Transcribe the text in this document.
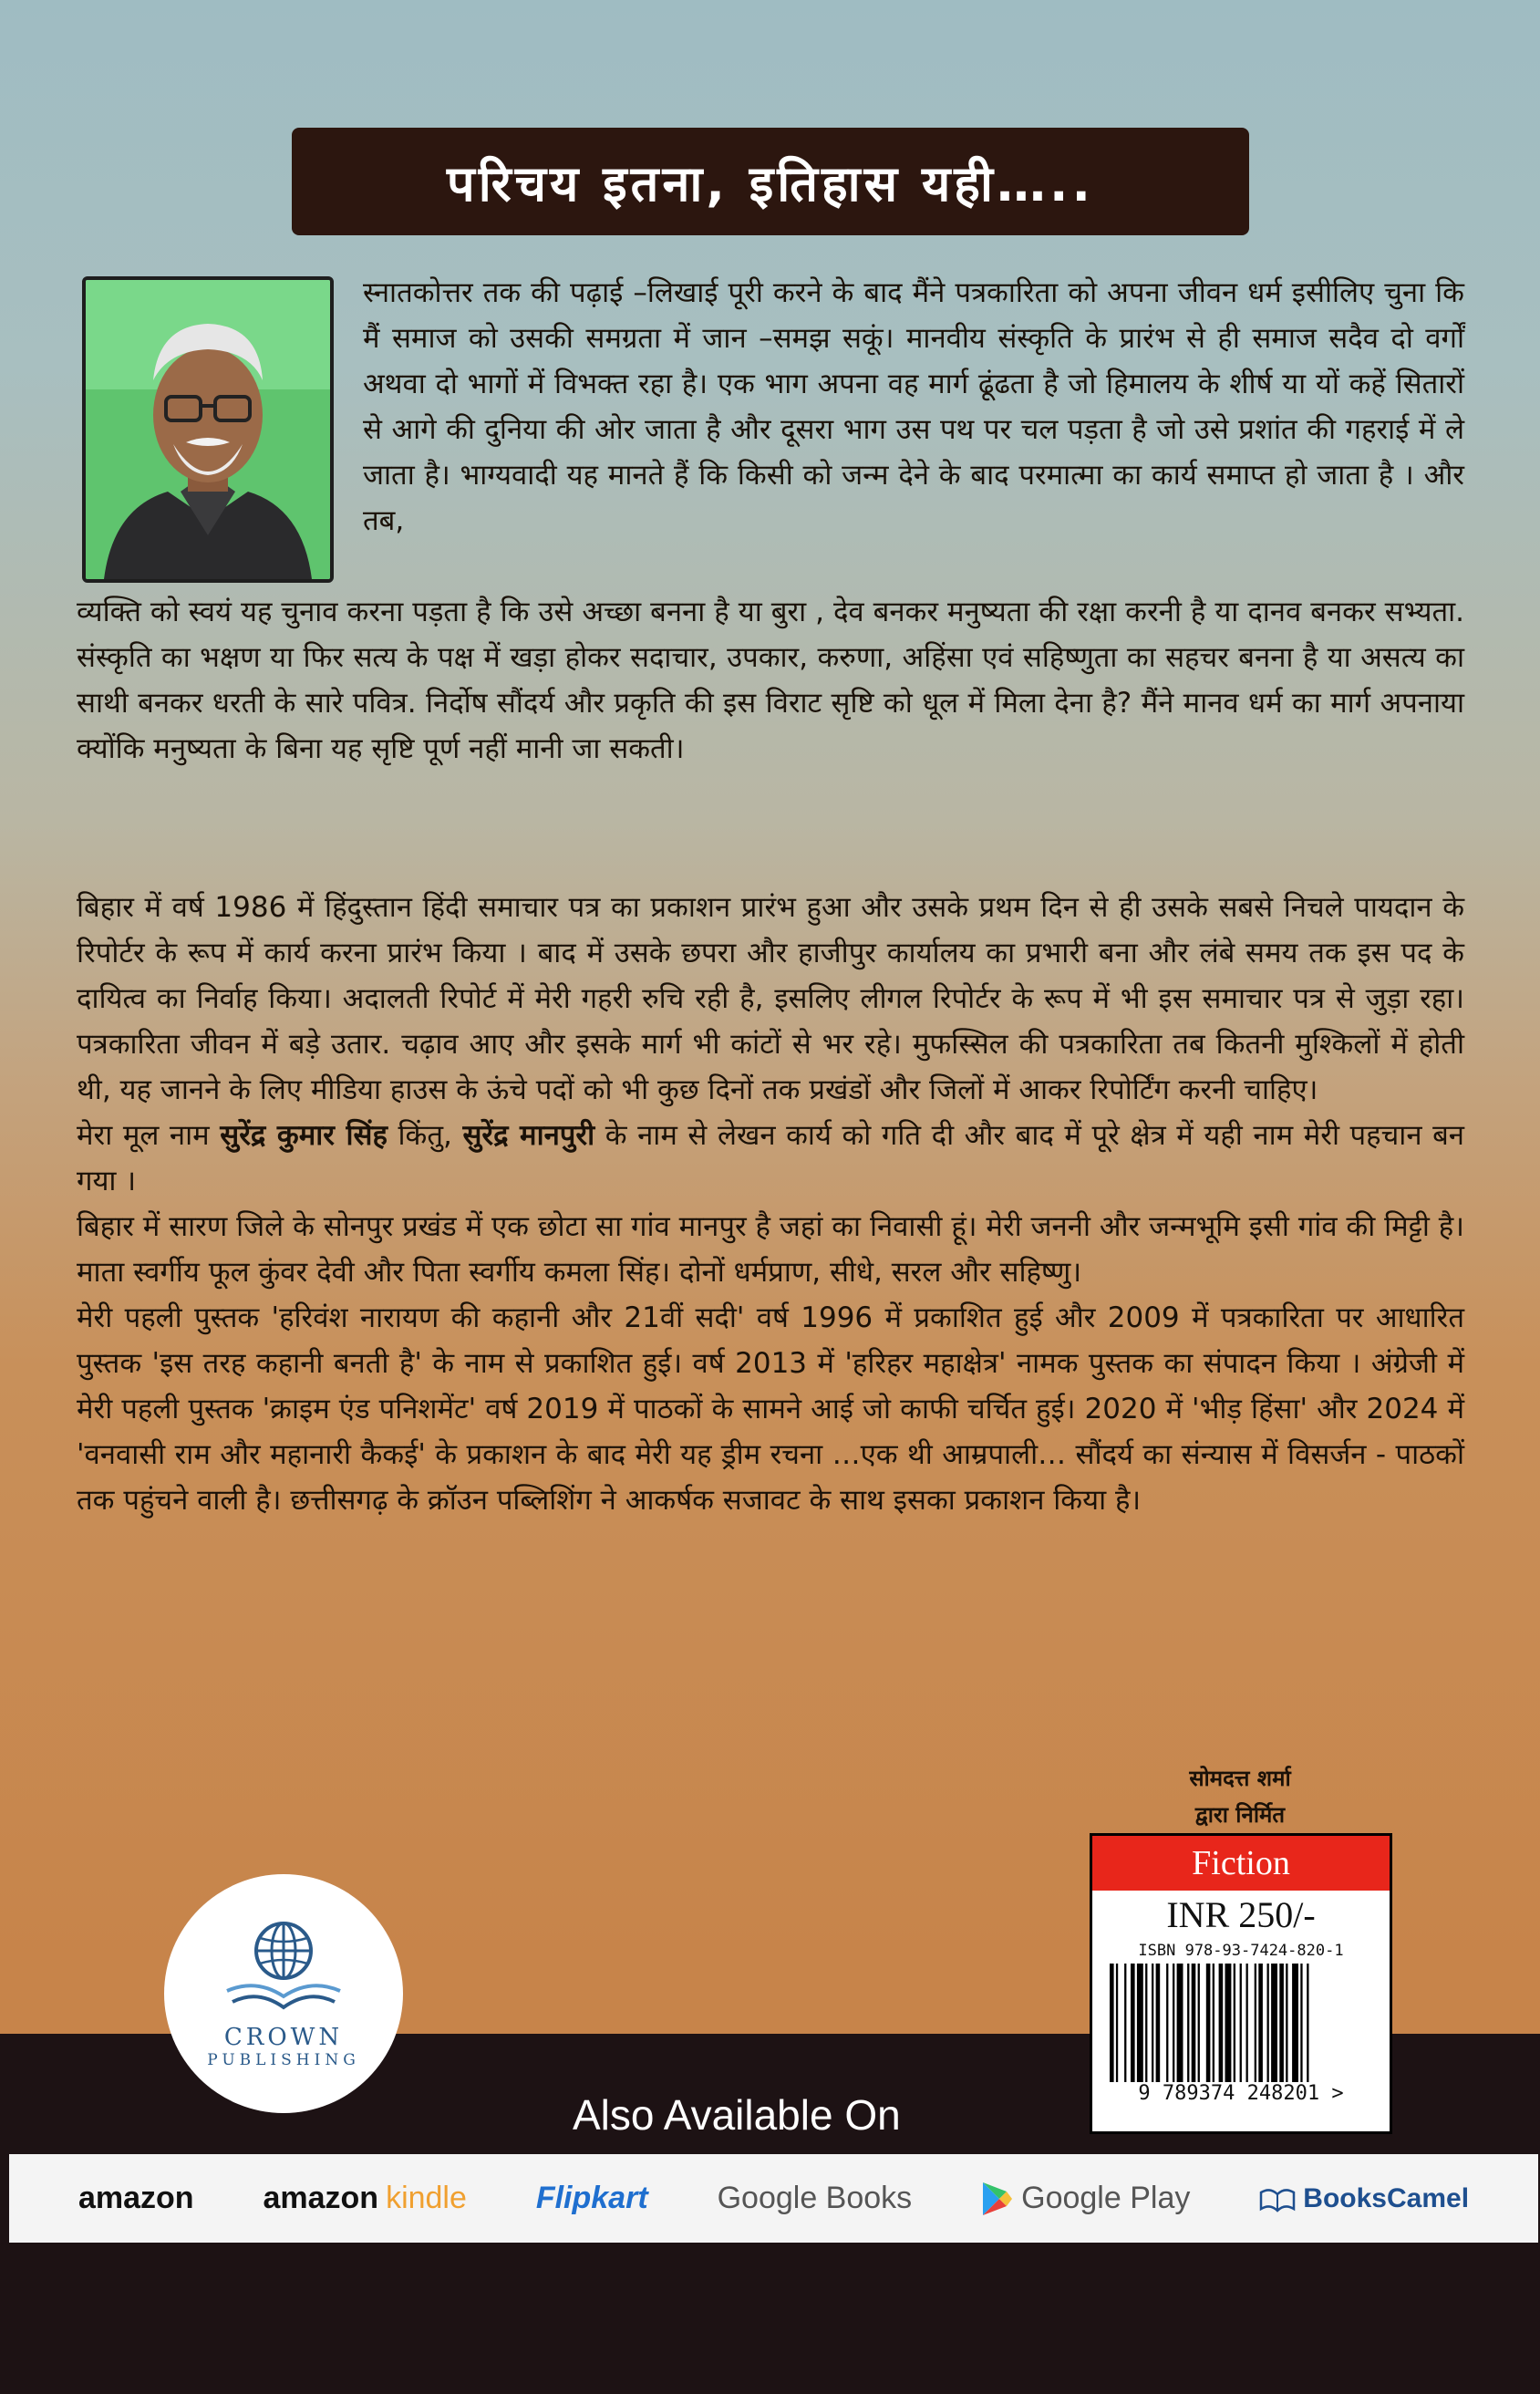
परिचय इतना, इतिहास यही…..

स्नातकोत्तर तक की पढ़ाई –लिखाई पूरी करने के बाद मैंने पत्रकारिता को अपना जीवन धर्म इसीलिए चुना कि मैं समाज को उसकी समग्रता में जान –समझ सकूं। मानवीय संस्कृति के प्रारंभ से ही समाज सदैव दो वर्गों अथवा दो भागों में विभक्त रहा है। एक भाग अपना वह मार्ग ढूंढता है जो हिमालय के शीर्ष या यों कहें सितारों से आगे की दुनिया की ओर जाता है और दूसरा भाग उस पथ पर चल पड़ता है जो उसे प्रशांत की गहराई में ले जाता है। भाग्यवादी यह मानते हैं कि किसी को जन्म देने के बाद परमात्मा का कार्य समाप्त हो जाता है । और तब,

व्यक्ति को स्वयं यह चुनाव करना पड़ता है कि उसे अच्छा बनना है या बुरा , देव बनकर मनुष्यता की रक्षा करनी है या दानव बनकर सभ्यता. संस्कृति का भक्षण या फिर सत्य के पक्ष में खड़ा होकर सदाचार, उपकार, करुणा, अहिंसा एवं सहिष्णुता का सहचर बनना है या असत्य का साथी बनकर धरती के सारे पवित्र. निर्दोष सौंदर्य और प्रकृति की इस विराट सृष्टि को धूल में मिला देना है? मैंने मानव धर्म का मार्ग अपनाया क्योंकि मनुष्यता के बिना यह सृष्टि पूर्ण नहीं मानी जा सकती।

बिहार में वर्ष 1986 में हिंदुस्तान हिंदी समाचार पत्र का प्रकाशन प्रारंभ हुआ और उसके प्रथम दिन से ही उसके सबसे निचले पायदान के रिपोर्टर के रूप में कार्य करना प्रारंभ किया । बाद में उसके छपरा और हाजीपुर कार्यालय का प्रभारी बना और लंबे समय तक इस पद के दायित्व का निर्वाह किया। अदालती रिपोर्ट में मेरी गहरी रुचि रही है, इसलिए लीगल रिपोर्टर के रूप में भी इस समाचार पत्र से जुड़ा रहा। पत्रकारिता जीवन में बड़े उतार. चढ़ाव आए और इसके मार्ग भी कांटों से भर रहे। मुफस्सिल की पत्रकारिता तब कितनी मुश्किलों में होती थी, यह जानने के लिए मीडिया हाउस के ऊंचे पदों को भी कुछ दिनों तक प्रखंडों और जिलों में आकर रिपोर्टिंग करनी चाहिए।

मेरा मूल नाम सुरेंद्र कुमार सिंह किंतु, सुरेंद्र मानपुरी के नाम से लेखन कार्य को गति दी और बाद में पूरे क्षेत्र में यही नाम मेरी पहचान बन गया ।

बिहार में सारण जिले के सोनपुर प्रखंड में एक छोटा सा गांव मानपुर है जहां का निवासी हूं। मेरी जननी और जन्मभूमि इसी गांव की मिट्टी है। माता स्वर्गीय फूल कुंवर देवी और पिता स्वर्गीय कमला सिंह। दोनों धर्मप्राण, सीधे, सरल और सहिष्णु।

मेरी पहली पुस्तक 'हरिवंश नारायण की कहानी और 21वीं सदी' वर्ष 1996 में प्रकाशित हुई और 2009 में पत्रकारिता पर आधारित पुस्तक 'इस तरह कहानी बनती है' के नाम से प्रकाशित हुई। वर्ष 2013 में 'हरिहर महाक्षेत्र' नामक पुस्तक का संपादन किया । अंग्रेजी में मेरी पहली पुस्तक 'क्राइम एंड पनिशमेंट' वर्ष 2019 में पाठकों के सामने आई जो काफी चर्चित हुई। 2020 में 'भीड़ हिंसा' और 2024 में 'वनवासी राम और महानारी कैकई' के प्रकाशन के बाद मेरी यह ड्रीम रचना …एक थी आम्रपाली… सौंदर्य का संन्यास में विसर्जन - पाठकों तक पहुंचने वाली है। छत्तीसगढ़ के क्रॉउन पब्लिशिंग ने आकर्षक सजावट के साथ इसका प्रकाशन किया है।

सोमदत्त शर्मा
द्वारा निर्मित
CROWN
PUBLISHING
Also Available On
amazon amazon kindle Flipkart Google Books	Google Play	BooksCamel
Fiction
INR 250/-
ISBN 978-93-7424-820-1
9 789374 248201 >
